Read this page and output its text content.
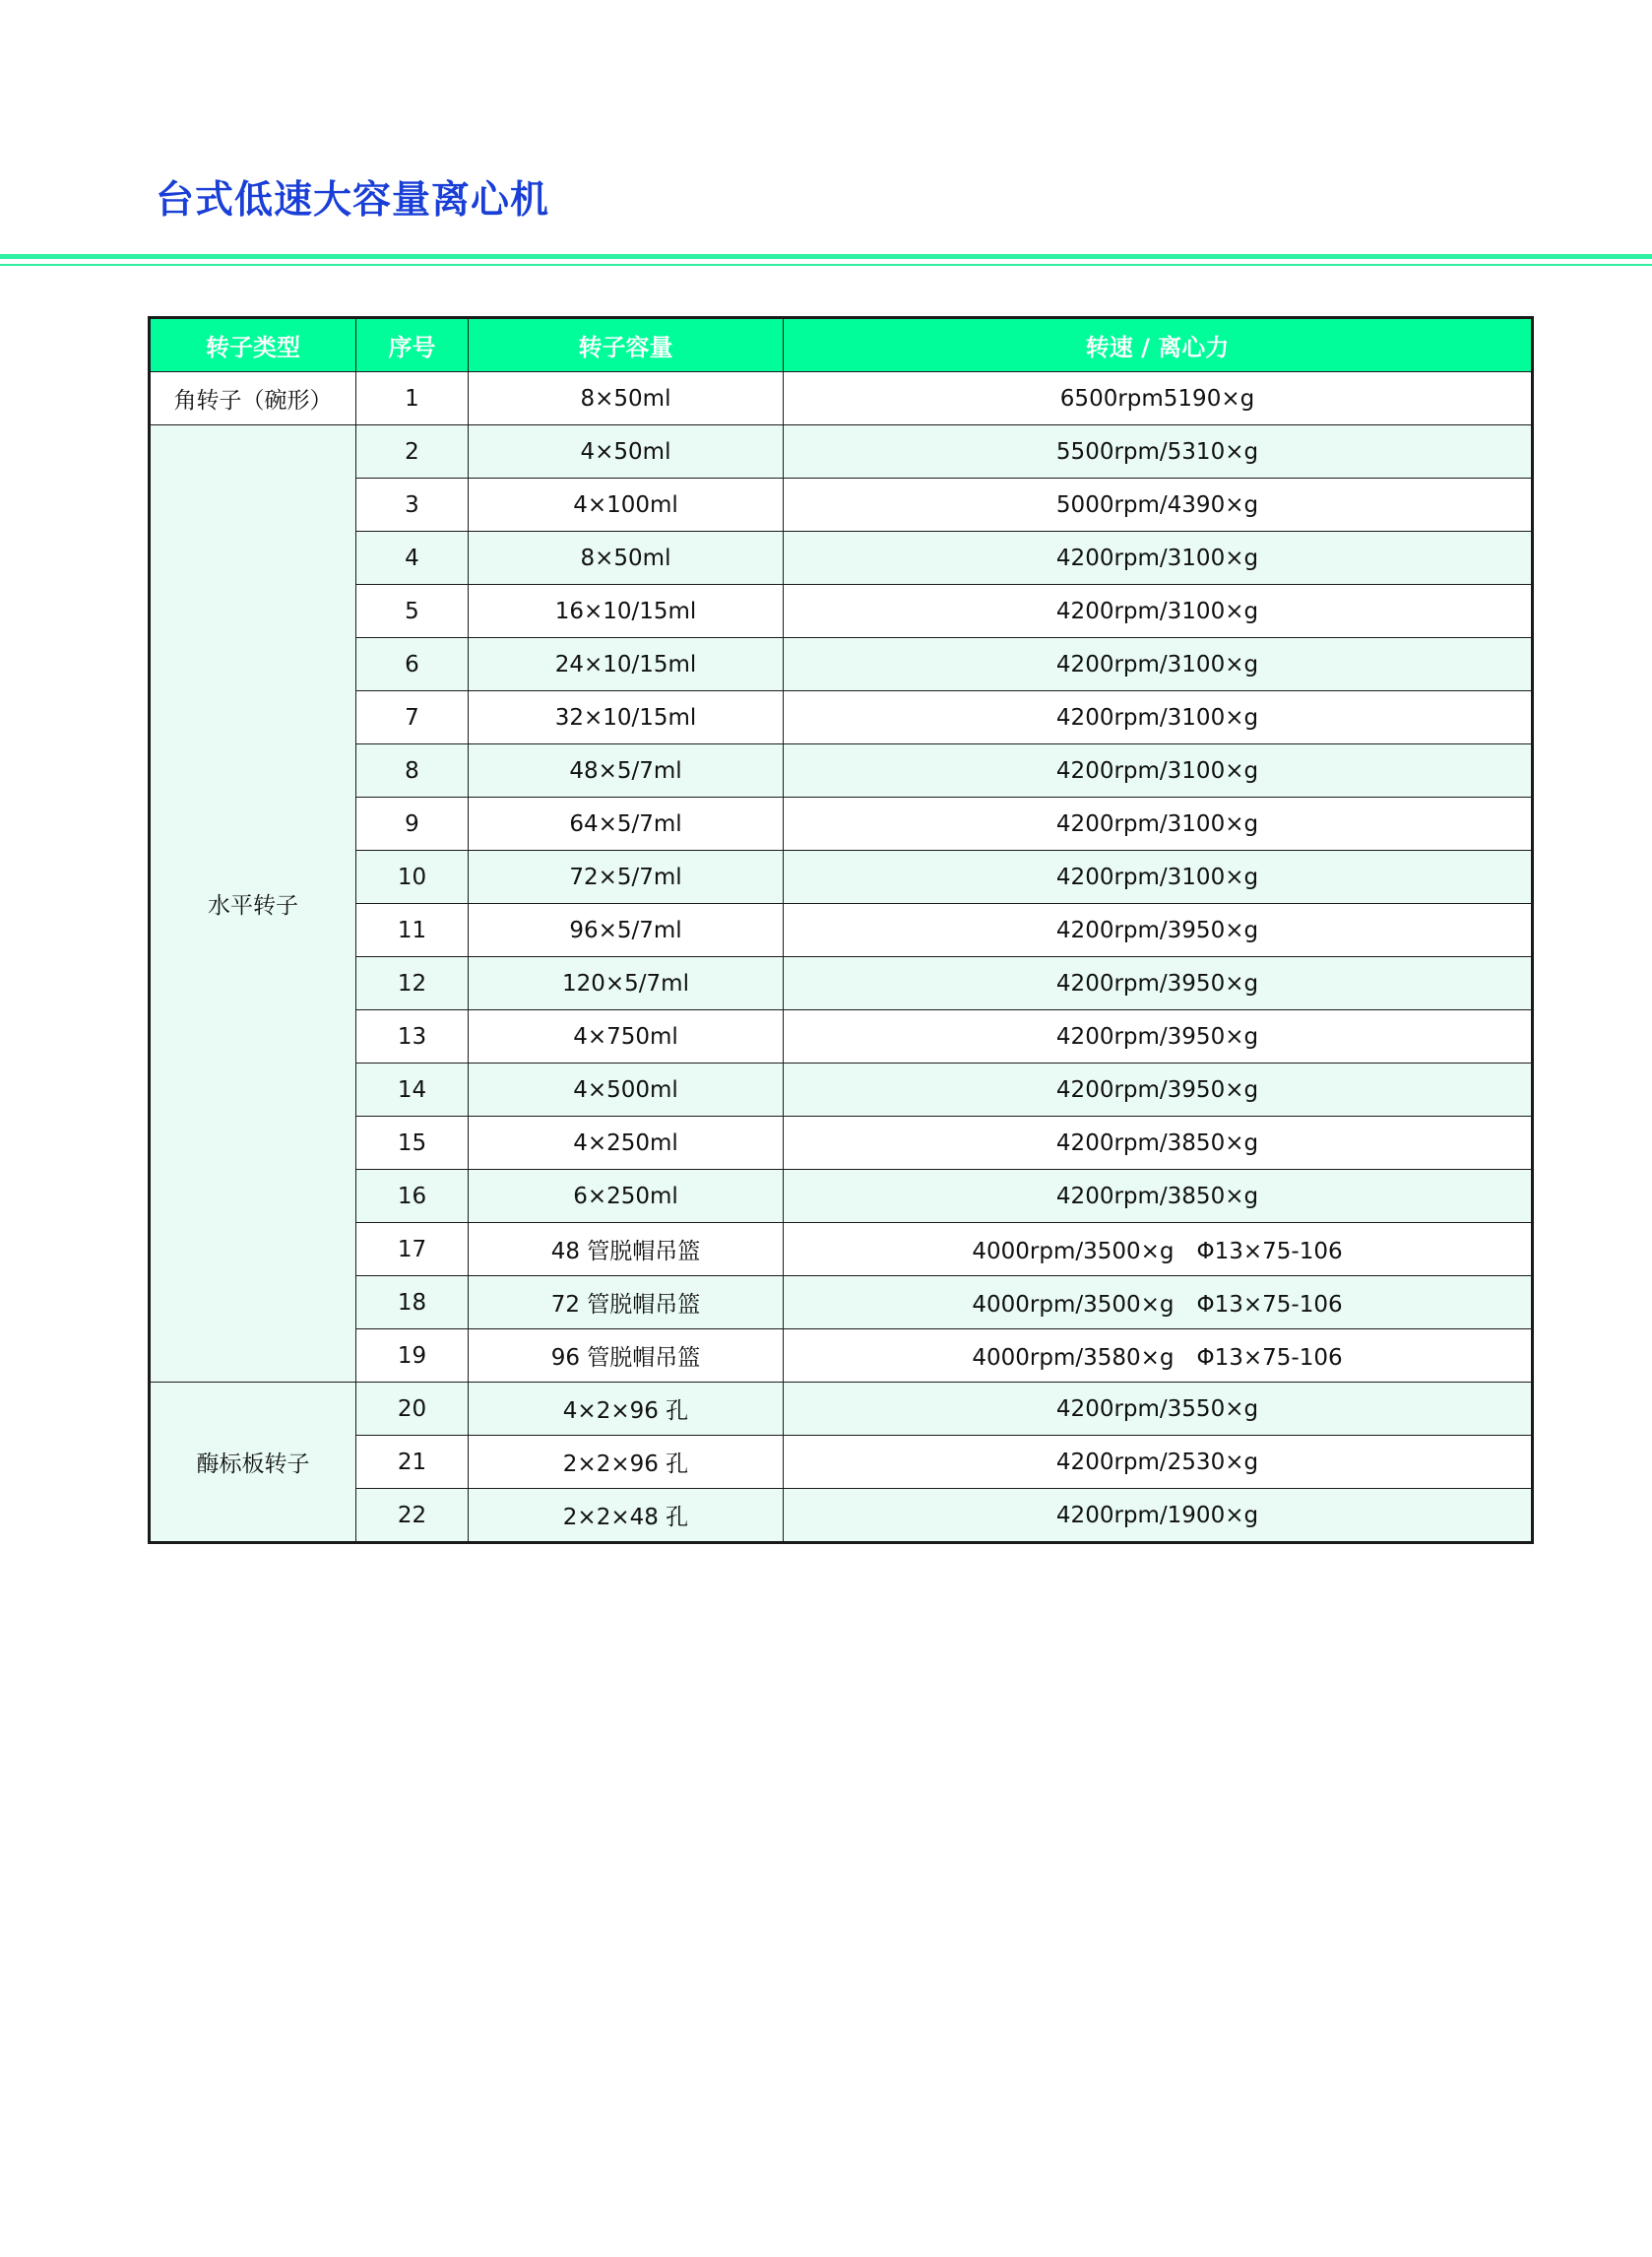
台式低速大容量离心机
转子类型	序号	转子容量	转速 / 离心力
角转子（碗形）	1	8×50ml	6500rpm5190×g
水平转子	2	4×50ml	5500rpm/5310×g
	3	4×100ml	5000rpm/4390×g
	4	8×50ml	4200rpm/3100×g
	5	16×10/15ml	4200rpm/3100×g
	6	24×10/15ml	4200rpm/3100×g
	7	32×10/15ml	4200rpm/3100×g
	8	48×5/7ml	4200rpm/3100×g
	9	64×5/7ml	4200rpm/3100×g
	10	72×5/7ml	4200rpm/3100×g
	11	96×5/7ml	4200rpm/3950×g
	12	120×5/7ml	4200rpm/3950×g
	13	4×750ml	4200rpm/3950×g
	14	4×500ml	4200rpm/3950×g
	15	4×250ml	4200rpm/3850×g
	16	6×250ml	4200rpm/3850×g
	17	48 管脱帽吊篮	4000rpm/3500×g　Φ13×75-106
	18	72 管脱帽吊篮	4000rpm/3500×g　Φ13×75-106
	19	96 管脱帽吊篮	4000rpm/3580×g　Φ13×75-106
酶标板转子	20	4×2×96 孔	4200rpm/3550×g
	21	2×2×96 孔	4200rpm/2530×g
	22	2×2×48 孔	4200rpm/1900×g
